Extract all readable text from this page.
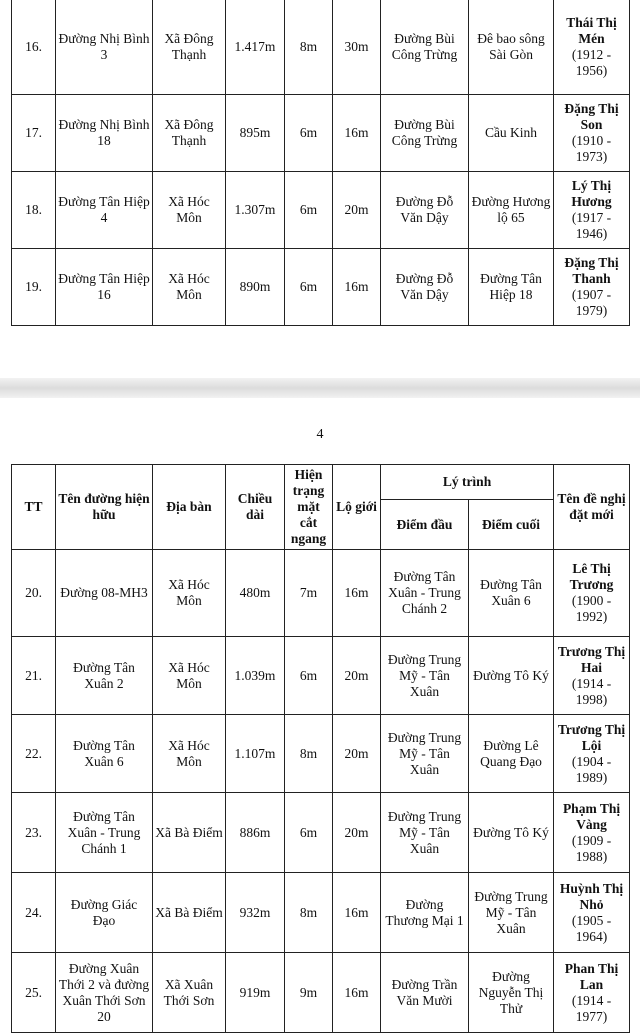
16.	Đường Nhị Bình 3	Xã Đông Thạnh	1.417m	8m	30m	Đường Bùi Công Trừng	Đê bao sông Sài Gòn	Thái Thị Mén
(1912 - 1956)

17.	Đường Nhị Bình 18	Xã Đông Thạnh	895m	6m	16m	Đường Bùi Công Trừng	Cầu Kinh	Đặng Thị Son
(1910 - 1973)

18.	Đường Tân Hiệp 4	Xã Hóc Môn	1.307m	6m	20m	Đường Đỗ Văn Dậy	Đường Hương lộ 65	Lý Thị Hương
(1917 - 1946)

19.	Đường Tân Hiệp 16	Xã Hóc Môn	890m	6m	16m	Đường Đỗ Văn Dậy	Đường Tân Hiệp 18	Đặng Thị Thanh
(1907 - 1979)
4
TT	Tên đường hiện hữu	Địa bàn	Chiều dài	Hiện trạng mặt cắt ngang	Lộ giới	Lý trình		Tên đề nghị đặt mới
						Điểm đầu	Điểm cuối	
20.	Đường 08-MH3	Xã Hóc Môn	480m	7m	16m	Đường Tân Xuân - Trung Chánh 2	Đường Tân Xuân 6	Lê Thị Trương
(1900 - 1992)

21.	Đường Tân Xuân 2	Xã Hóc Môn	1.039m	6m	20m	Đường Trung Mỹ - Tân Xuân	Đường Tô Ký	Trương Thị Hai
(1914 - 1998)

22.	Đường Tân Xuân 6	Xã Hóc Môn	1.107m	8m	20m	Đường Trung Mỹ - Tân Xuân	Đường Lê Quang Đạo	Trương Thị Lội
(1904 - 1989)

23.	Đường Tân Xuân - Trung Chánh 1	Xã Bà Điểm	886m	6m	20m	Đường Trung Mỹ - Tân Xuân	Đường Tô Ký	Phạm Thị Vàng
(1909 - 1988)

24.	Đường Giác Đạo	Xã Bà Điểm	932m	8m	16m	Đường Thương Mại 1	Đường Trung Mỹ - Tân Xuân	Huỳnh Thị Nhỏ
(1905 - 1964)

25.	Đường Xuân Thới 2 và đường Xuân Thới Sơn 20	Xã Xuân Thới Sơn	919m	9m	16m	Đường Trần Văn Mười	Đường Nguyễn Thị Thử	Phan Thị Lan
(1914 - 1977)
